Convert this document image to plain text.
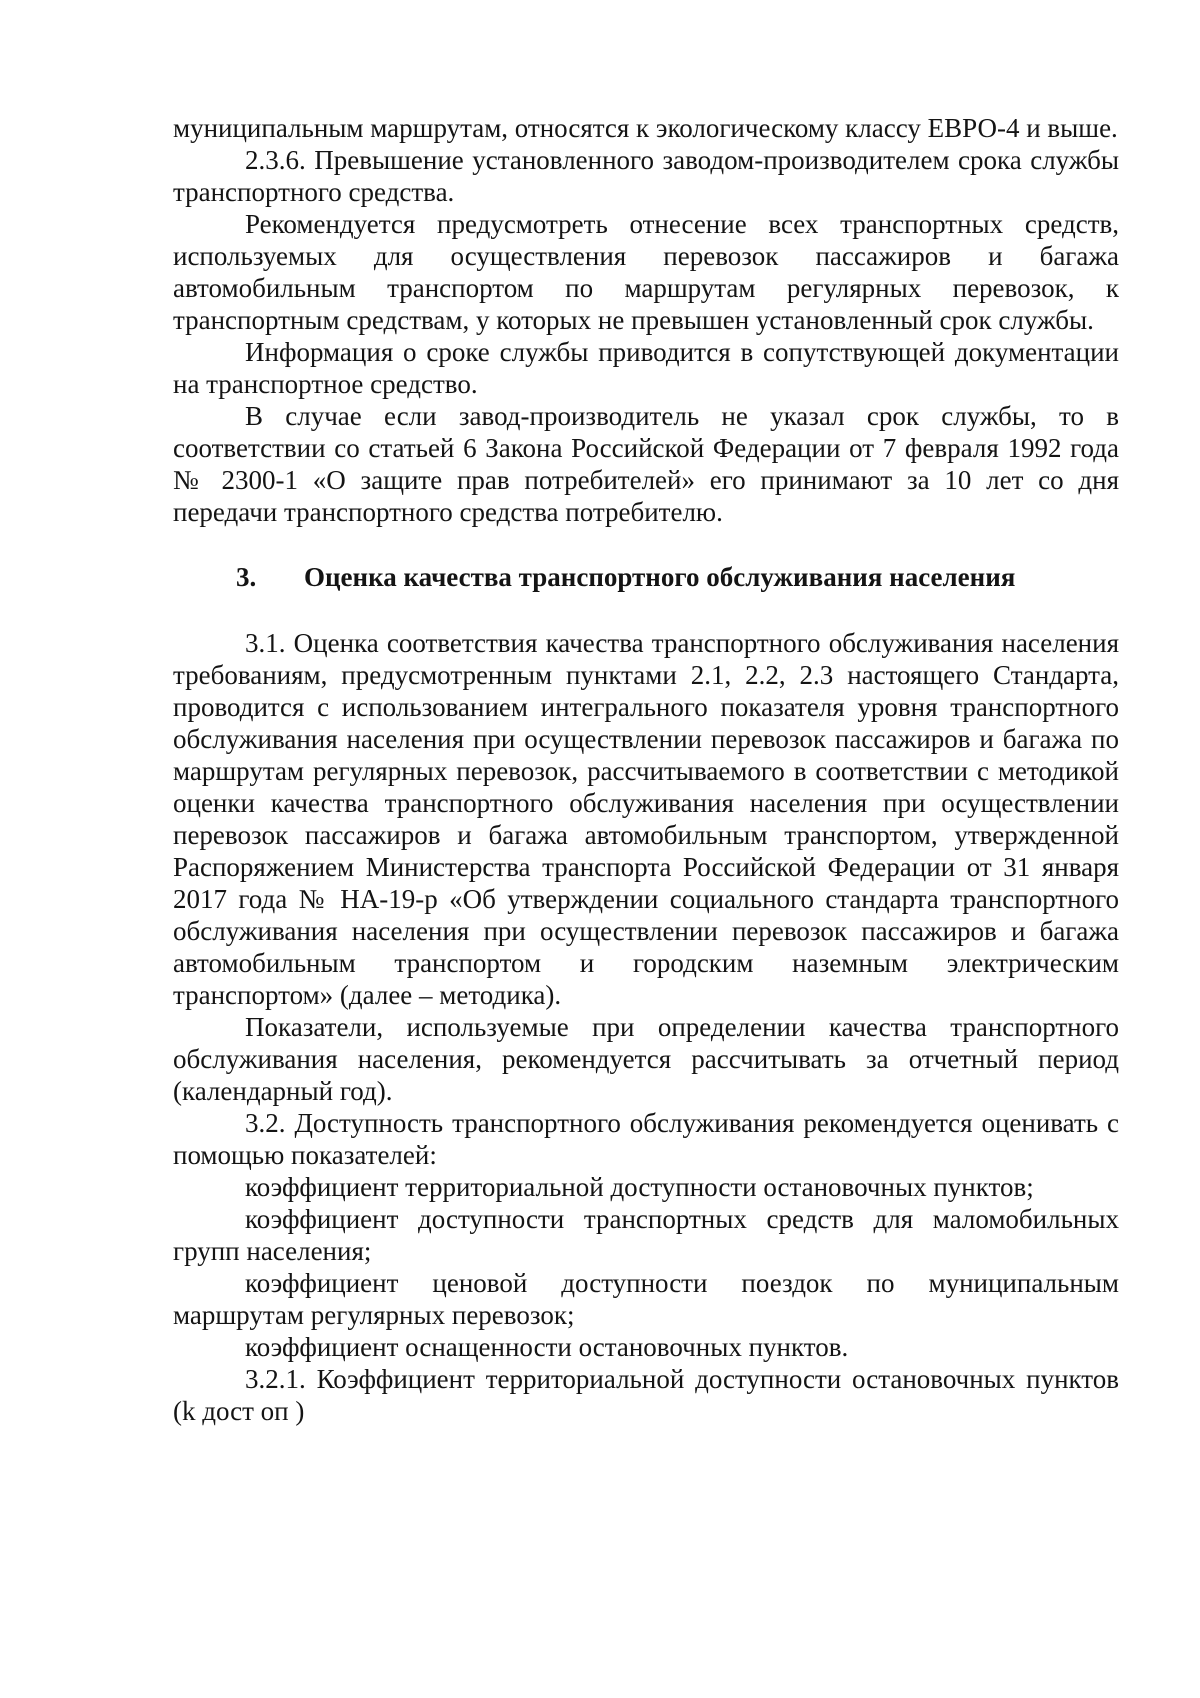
муниципальным маршрутам, относятся к экологическому классу ЕВРО-4 и выше.

2.3.6. Превышение установленного заводом-производителем срока службы транспортного средства.

Рекомендуется предусмотреть отнесение всех транспортных средств, используемых для осуществления перевозок пассажиров и багажа автомобильным транспортом по маршрутам регулярных перевозок, к транспортным средствам, у которых не превышен установленный срок службы.

Информация о сроке службы приводится в сопутствующей документации на транспортное средство.

В случае если завод-производитель не указал срок службы, то в соответствии со статьей 6 Закона Российской Федерации от 7 февраля 1992 года № 2300-1 «О защите прав потребителей» его принимают за 10 лет со дня передачи транспортного средства потребителю.

3.	Оценка качества транспортного обслуживания населения

3.1. Оценка соответствия качества транспортного обслуживания населения требованиям, предусмотренным пунктами 2.1, 2.2, 2.3 настоящего Стандарта, проводится с использованием интегрального показателя уровня транспортного обслуживания населения при осуществлении перевозок пассажиров и багажа по маршрутам регулярных перевозок, рассчитываемого в соответствии с методикой оценки качества транспортного обслуживания населения при осуществлении перевозок пассажиров и багажа автомобильным транспортом, утвержденной Распоряжением Министерства транспорта Российской Федерации от 31 января 2017 года № НА-19-р «Об утверждении социального стандарта транспортного обслуживания населения при осуществлении перевозок пассажиров и багажа автомобильным транспортом и городским наземным электрическим транспортом» (далее – методика).

Показатели, используемые при определении качества транспортного обслуживания населения, рекомендуется рассчитывать за отчетный период (календарный год).

3.2. Доступность транспортного обслуживания рекомендуется оценивать с помощью показателей:

коэффициент территориальной доступности остановочных пунктов;

коэффициент доступности транспортных средств для маломобильных групп населения;

коэффициент ценовой доступности поездок по муниципальным маршрутам регулярных перевозок;

коэффициент оснащенности остановочных пунктов.

3.2.1. Коэффициент территориальной доступности остановочных пунктов (k дост оп )
